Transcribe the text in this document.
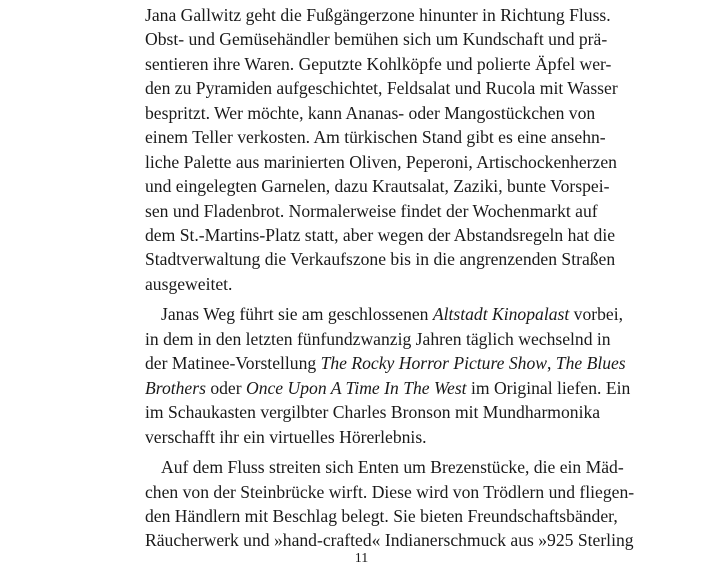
Jana Gallwitz geht die Fußgängerzone hinunter in Richtung Fluss.
Obst- und Gemüsehändler bemühen sich um Kundschaft und prä-
sentieren ihre Waren. Geputzte Kohlköpfe und polierte Äpfel wer-
den zu Pyramiden aufgeschichtet, Feldsalat und Rucola mit Wasser
bespritzt. Wer möchte, kann Ananas- oder Mangostückchen von
einem Teller verkosten. Am türkischen Stand gibt es eine ansehn-
liche Palette aus marinierten Oliven, Peperoni, Artischockenherzen
und eingelegten Garnelen, dazu Krautsalat, Zaziki, bunte Vorspei-
sen und Fladenbrot. Normalerweise findet der Wochenmarkt auf
dem St.-Martins-Platz statt, aber wegen der Abstandsregeln hat die
Stadtverwaltung die Verkaufszone bis in die angrenzenden Straßen
ausgeweitet.
Janas Weg führt sie am geschlossenen Altstadt Kinopalast vorbei,
in dem in den letzten fünfundzwanzig Jahren täglich wechselnd in
der Matinee-Vorstellung The Rocky Horror Picture Show, The Blues
Brothers oder Once Upon A Time In The West im Original liefen. Ein
im Schaukasten vergilbter Charles Bronson mit Mundharmonika
verschafft ihr ein virtuelles Hörerlebnis.
Auf dem Fluss streiten sich Enten um Brezenstücke, die ein Mäd-
chen von der Steinbrücke wirft. Diese wird von Trödlern und fliegen-
den Händlern mit Beschlag belegt. Sie bieten Freundschaftsbänder,
Räucherwerk und »hand-crafted« Indianerschmuck aus »925 Sterling
11
